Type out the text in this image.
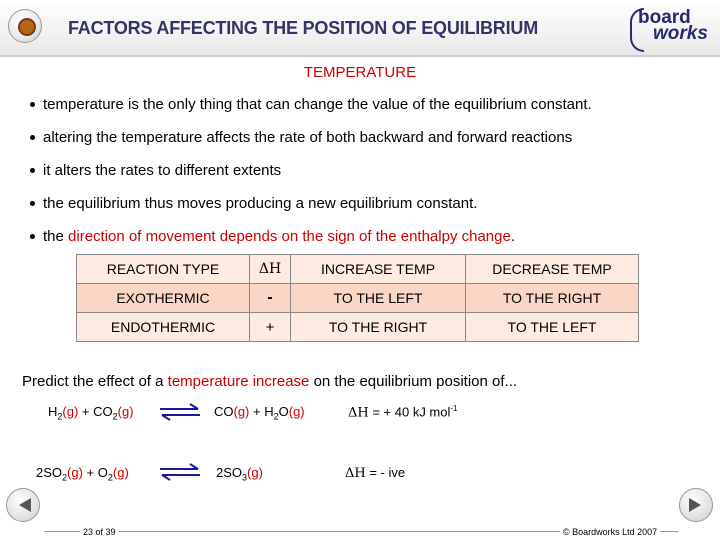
FACTORS AFFECTING THE POSITION OF EQUILIBRIUM	board
works
TEMPERATURE
temperature is the only thing that can change the value of the equilibrium constant.
altering the temperature affects the rate of both backward and forward reactions
it alters the rates to different extents
the equilibrium thus moves producing a new equilibrium constant.
the direction of movement depends on the sign of the enthalpy change.
REACTION TYPE	ΔH	INCREASE TEMP	DECREASE TEMP
EXOTHERMIC	-	TO THE LEFT	TO THE RIGHT
ENDOTHERMIC	+	TO THE RIGHT	TO THE LEFT
Predict the effect of a temperature increase on the equilibrium position of...
$H_2(g) + CO_2(g)$ ⇌ $CO(g) + H_2O(g)$	ΔH = + 40 kJ mol$^{-1}$
$2SO_2(g) + O_2(g)$ ⇌ $2SO_3(g)$	ΔH = - ive
23 of 39	© Boardworks Ltd 2007
